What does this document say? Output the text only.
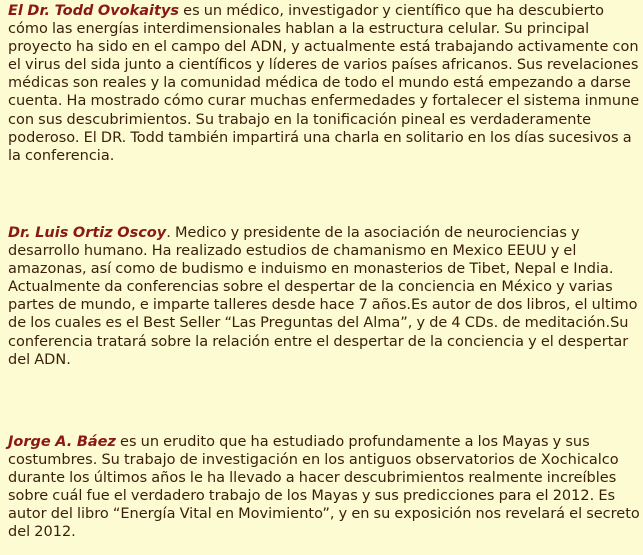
El Dr. Todd Ovokaitys es un médico, investigador y científico que ha descubierto cómo las energías interdimensionales hablan a la estructura celular. Su principal proyecto ha sido en el campo del ADN, y actualmente está trabajando activamente con el virus del sida junto a científicos y líderes de varios países africanos. Sus revelaciones médicas son reales y la comunidad médica de todo el mundo está empezando a darse cuenta. Ha mostrado cómo curar muchas enfermedades y fortalecer el sistema inmune con sus descubrimientos. Su trabajo en la tonificación pineal es verdaderamente poderoso. El DR. Todd también impartirá una charla en solitario en los días sucesivos a la conferencia.

Dr. Luis Ortiz Oscoy. Medico y presidente de la asociación de neurociencias y desarrollo humano. Ha realizado estudios de chamanismo en Mexico EEUU y el amazonas, así como de budismo e induismo en monasterios de Tibet, Nepal e India. Actualmente da conferencias sobre el despertar de la conciencia en México y varias partes de mundo, e imparte talleres desde hace 7 años.Es autor de dos libros, el ultimo de los cuales es el Best Seller “Las Preguntas del Alma”, y de 4 CDs. de meditación.Su conferencia tratará sobre la relación entre el despertar de la conciencia y el despertar del ADN.

Jorge A. Báez es un erudito que ha estudiado profundamente a los Mayas y sus costumbres. Su trabajo de investigación en los antiguos observatorios de Xochicalco durante los últimos años le ha llevado a hacer descubrimientos realmente increíbles sobre cuál fue el verdadero trabajo de los Mayas y sus predicciones para el 2012. Es autor del libro “Energía Vital en Movimiento”, y en su exposición nos revelará el secreto del 2012.
